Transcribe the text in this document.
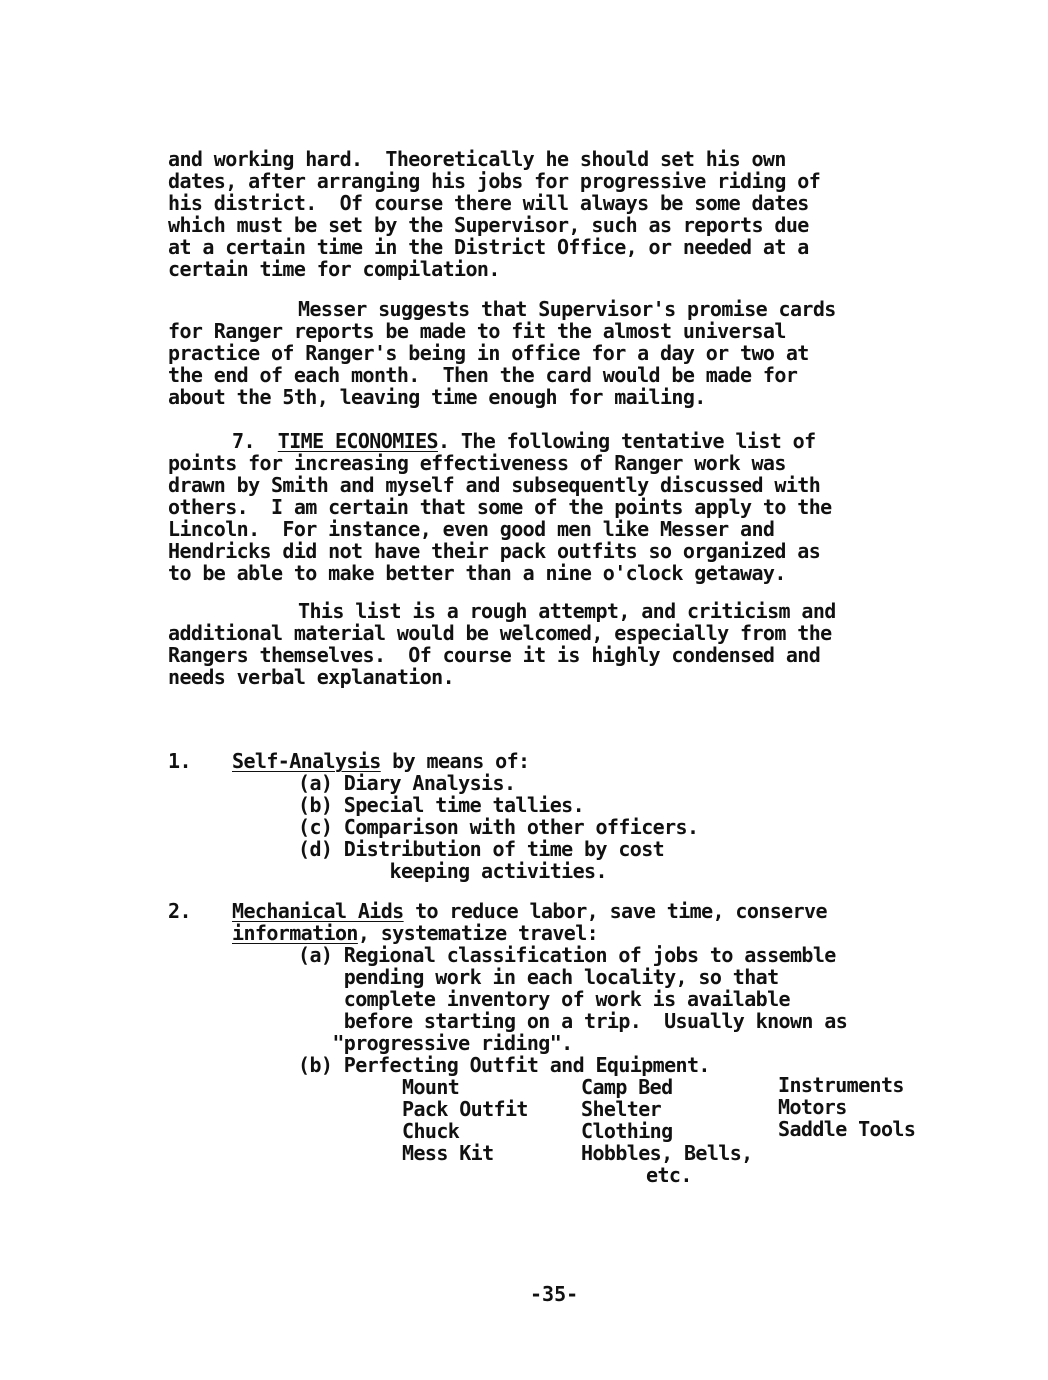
and working hard.  Theoretically he should set his own
dates, after arranging his jobs for progressive riding of
his district.  Of course there will always be some dates
which must be set by the Supervisor, such as reports due
at a certain time in the District Office, or needed at a
certain time for compilation.
Messer suggests that Supervisor's promise cards
for Ranger reports be made to fit the almost universal
practice of Ranger's being in office for a day or two at
the end of each month.  Then the card would be made for
about the 5th, leaving time enough for mailing.
7. TIME ECONOMIES. The following tentative list of
points for increasing effectiveness of Ranger work was
drawn by Smith and myself and subsequently discussed with
others.  I am certain that some of the points apply to the
Lincoln.  For instance, even good men like Messer and
Hendricks did not have their pack outfits so organized as
to be able to make better than a nine o'clock getaway.
This list is a rough attempt, and criticism and
additional material would be welcomed, especially from the
Rangers themselves.  Of course it is highly condensed and
needs verbal explanation.
1. Self-Analysis by means of:
(a) Diary Analysis.
(b) Special time tallies.
(c) Comparison with other officers.
(d) Distribution of time by cost
keeping activities.
2. Mechanical Aids to reduce labor, save time, conserve
information, systematize travel:
(a) Regional classification of jobs to assemble
pending work in each locality, so that
complete inventory of work is available
before starting on a trip.  Usually known as
"progressive riding".
(b) Perfecting Outfit and Equipment.
Mount
Pack Outfit
Chuck
Mess Kit
Camp Bed
Shelter
Clothing
Hobbles, Bells,
Instruments
Motors
Saddle Tools
etc.
-35-
